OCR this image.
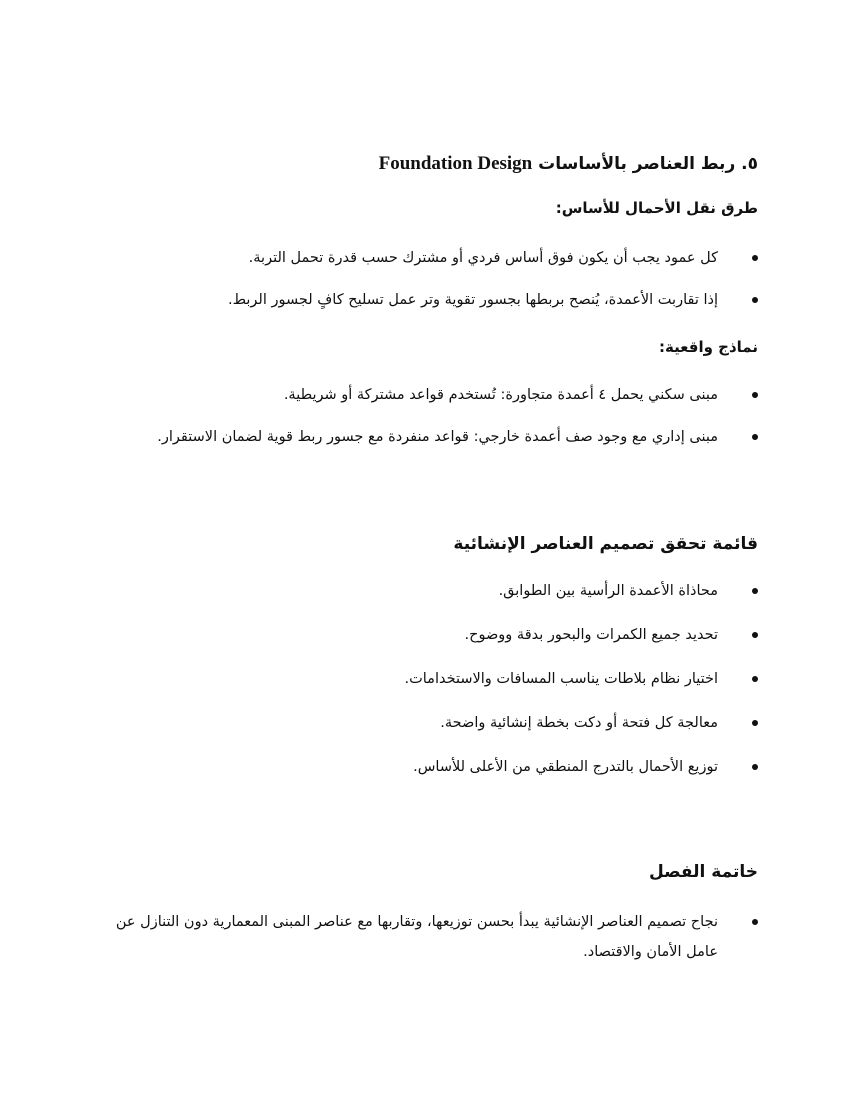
٥. ربط العناصر بالأساسات Foundation Design
طرق نقل الأحمال للأساس:
كل عمود يجب أن يكون فوق أساس فردي أو مشترك حسب قدرة تحمل التربة.
إذا تقاربت الأعمدة، يُنصح بربطها بجسور تقوية وتر عمل تسليح كافٍ لجسور الربط.
نماذج واقعية:
مبنى سكني يحمل ٤ أعمدة متجاورة: تُستخدم قواعد مشتركة أو شريطية.
مبنى إداري مع وجود صف أعمدة خارجي: قواعد منفردة مع جسور ربط قوية لضمان الاستقرار.
قائمة تحقق تصميم العناصر الإنشائية
محاذاة الأعمدة الرأسية بين الطوابق.
تحديد جميع الكمرات والبحور بدقة ووضوح.
اختيار نظام بلاطات يناسب المسافات والاستخدامات.
معالجة كل فتحة أو دكت بخطة إنشائية واضحة.
توزيع الأحمال بالتدرج المنطقي من الأعلى للأساس.
خاتمة الفصل
نجاح تصميم العناصر الإنشائية يبدأ بحسن توزيعها، وتقاربها مع عناصر المبنى المعمارية دون التنازل عن عامل الأمان والاقتصاد.
